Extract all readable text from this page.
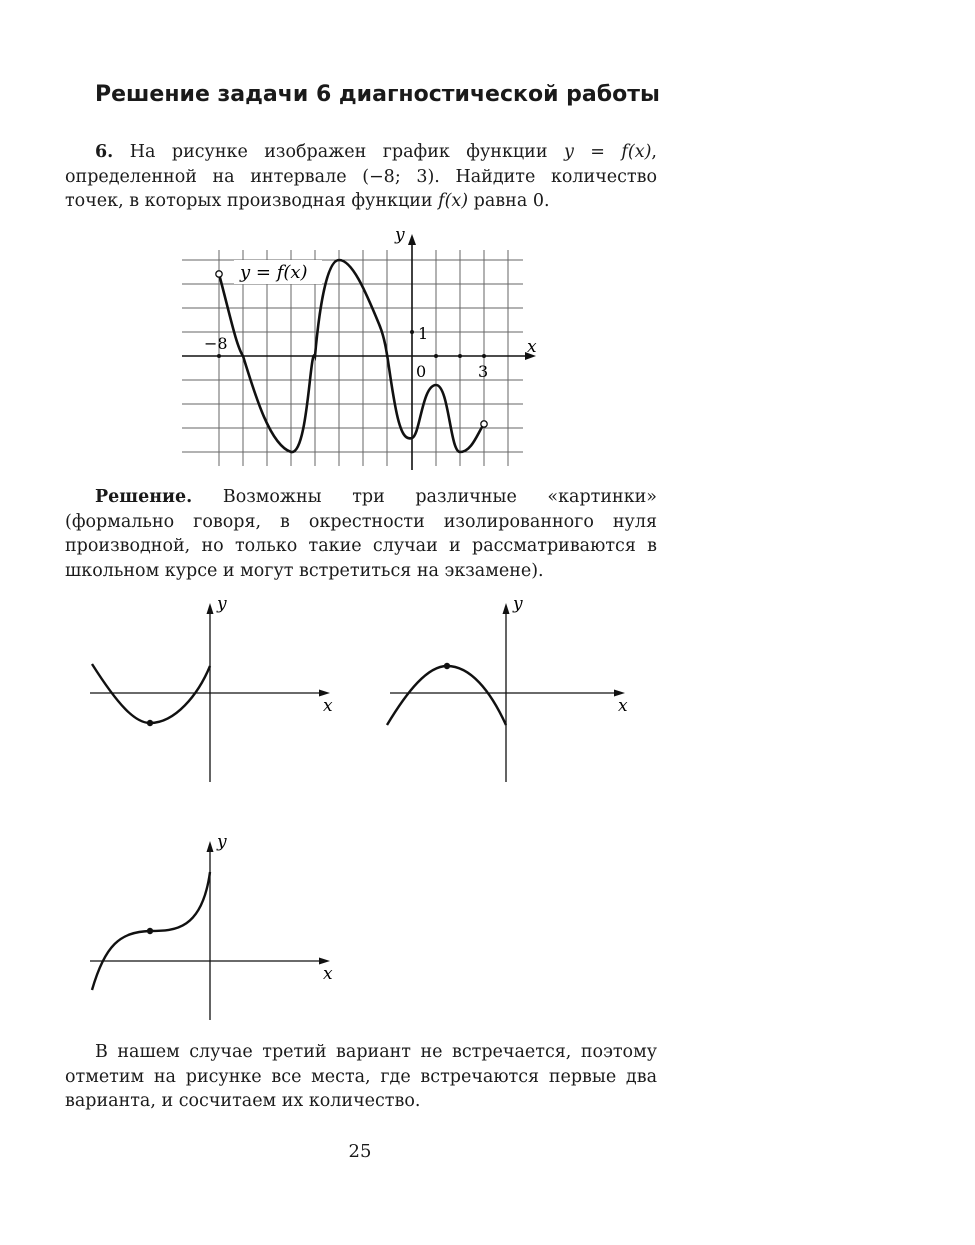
Решение задачи 6 диагностической работы
6. На рисунке изображен график функции y = f(x), определенной на интервале (−8; 3). Найдите количество точек, в которых производная функции f(x) равна 0.
y = f(x)
y
x
−8
1
0	3
Решение. Возможны три различные «картинки» (формально говоря, в окрестности изолированного нуля производной, но только такие случаи и рассматриваются в школьном курсе и могут встретиться на экзамене).
y
x
y
x
y
x
В нашем случае третий вариант не встречается, поэтому отметим на рисунке все места, где встречаются первые два варианта, и сосчитаем их количество.
25
